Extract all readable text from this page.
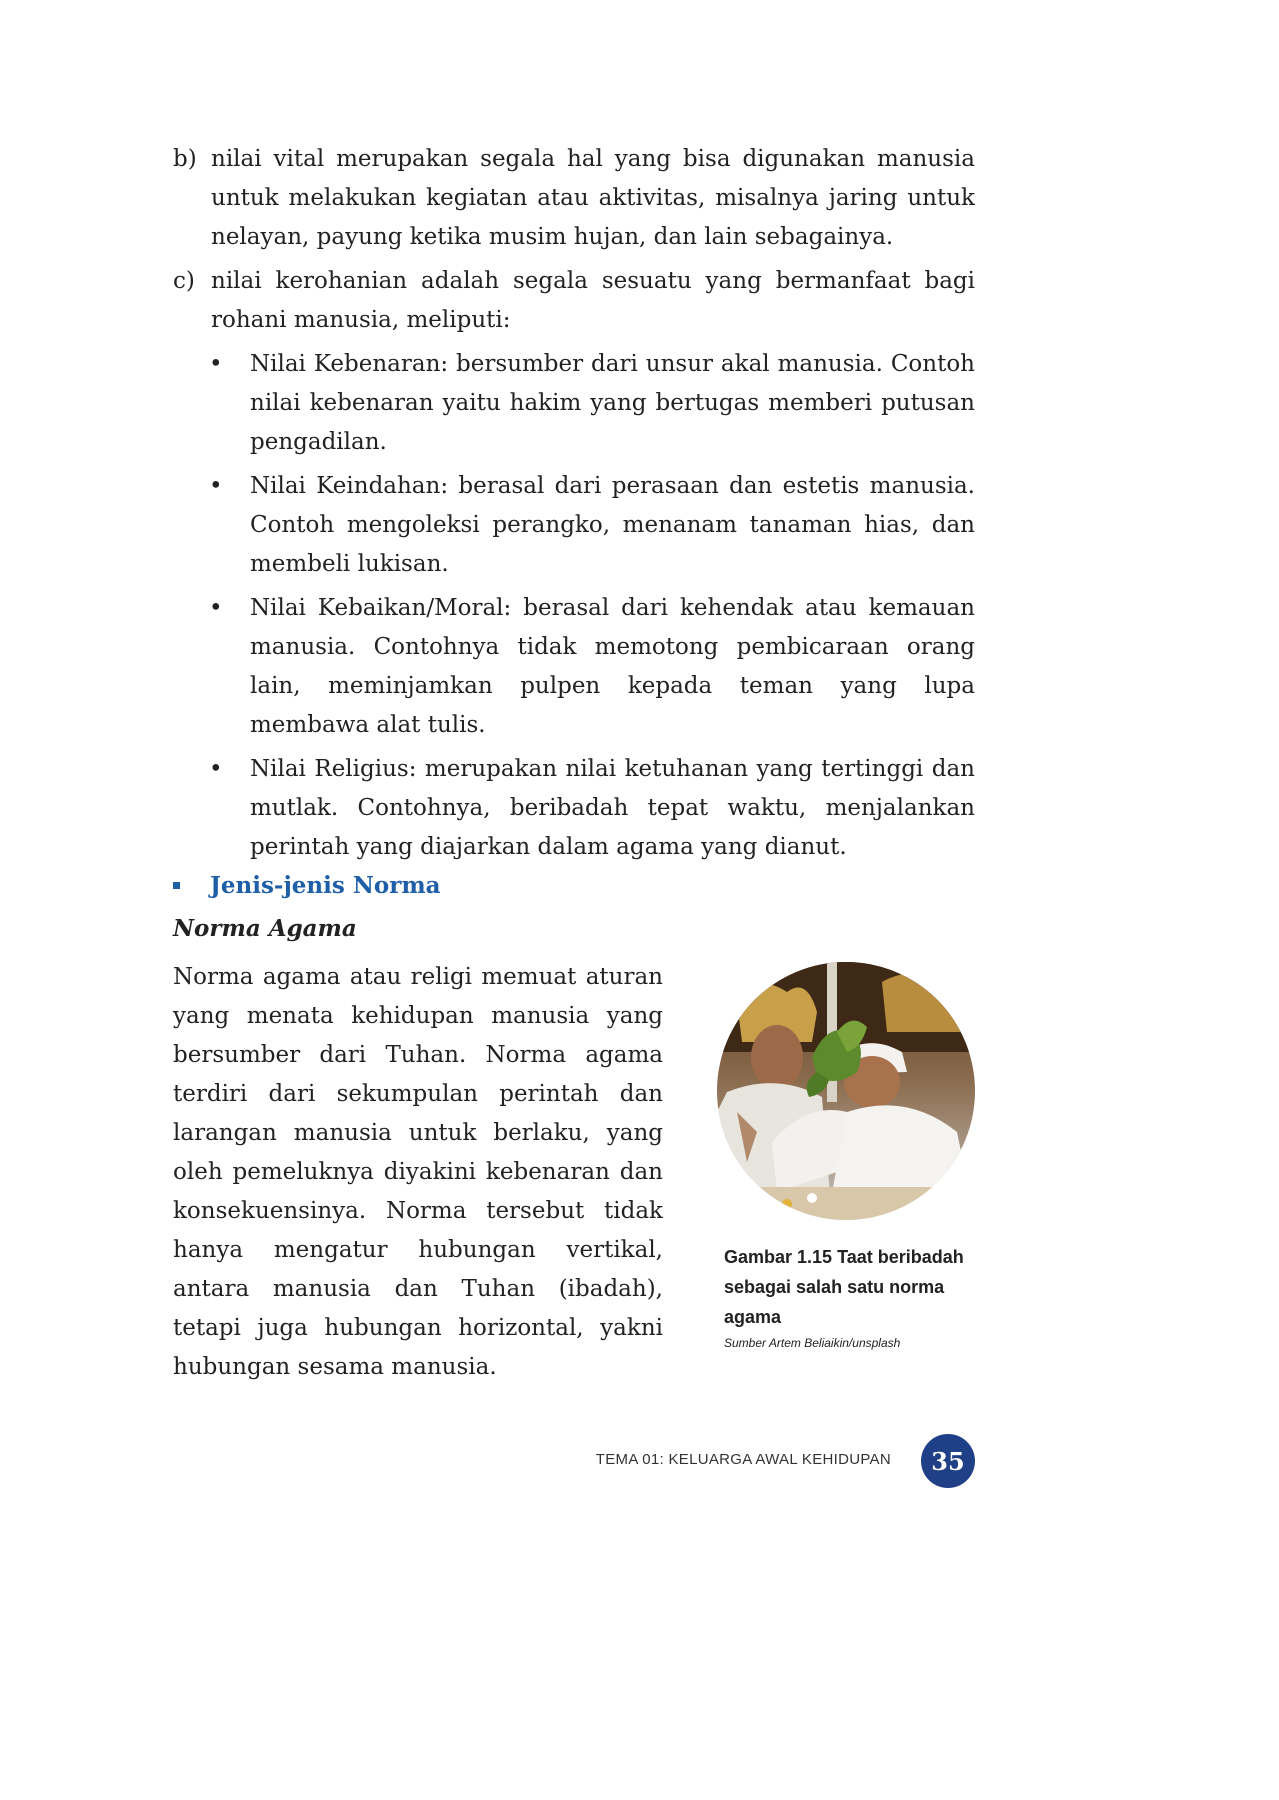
b) nilai vital merupakan segala hal yang bisa digunakan manusia untuk melakukan kegiatan atau aktivitas, misalnya jaring untuk nelayan, payung ketika musim hujan, dan lain sebagainya.
c) nilai kerohanian adalah segala sesuatu yang bermanfaat bagi rohani manusia, meliputi:
• Nilai Kebenaran: bersumber dari unsur akal manusia. Contoh nilai kebenaran yaitu hakim yang bertugas memberi putusan pengadilan.
• Nilai Keindahan: berasal dari perasaan dan estetis manusia. Contoh mengoleksi perangko, menanam tanaman hias, dan membeli lukisan.
• Nilai Kebaikan/Moral: berasal dari kehendak atau kemauan manusia. Contohnya tidak memotong pembicaraan orang lain, meminjamkan pulpen kepada teman yang lupa membawa alat tulis.
• Nilai Religius: merupakan nilai ketuhanan yang tertinggi dan mutlak. Contohnya, beribadah tepat waktu, menjalankan perintah yang diajarkan dalam agama yang dianut.
Jenis-jenis Norma
Norma Agama
Norma agama atau religi memuat aturan yang menata kehidupan manusia yang bersumber dari Tuhan. Norma agama terdiri dari sekumpulan perintah dan larangan manusia untuk berlaku, yang oleh pemeluknya diyakini kebenaran dan konsekuensinya. Norma tersebut tidak hanya mengatur hubungan vertikal, antara manusia dan Tuhan (ibadah), tetapi juga hubungan horizontal, yakni hubungan sesama manusia.
Gambar 1.15 Taat beribadah sebagai salah satu norma agama
Sumber Artem Beliaikin/unsplash
TEMA 01: KELUARGA AWAL KEHIDUPAN	35
